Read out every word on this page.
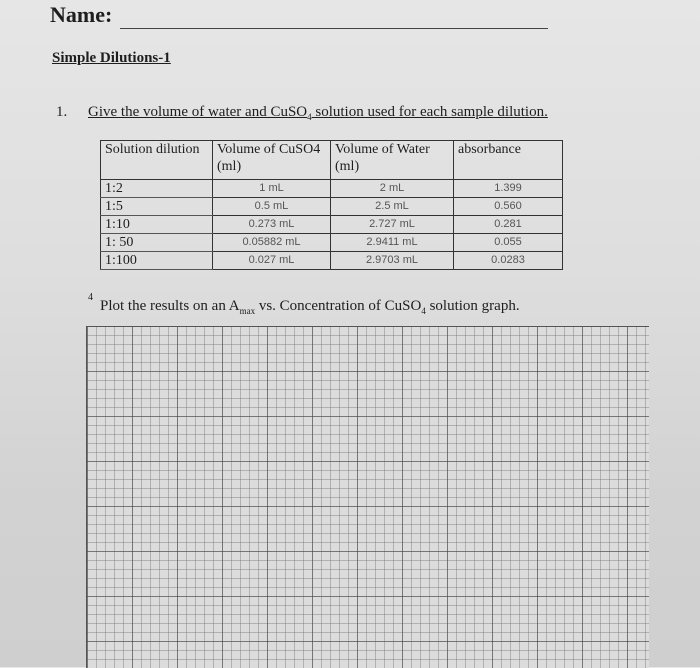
Name:
Simple Dilutions-1
1. Give the volume of water and CuSO$_4$ solution used for each sample dilution.
Solution dilution	Volume of CuSO4 (ml)	Volume of Water (ml)	absorbance
1:2	1 mL	2 mL	1.399
1:5	0.5 mL	2.5 mL	0.560
1:10	0.273 mL	2.727 mL	0.281
1: 50	0.05882 mL	2.9411 mL	0.055
1:100	0.027 mL	2.9703 mL	0.0283
4
Plot the results on an $A_{max}$ vs. Concentration of CuSO$_4$ solution graph.
